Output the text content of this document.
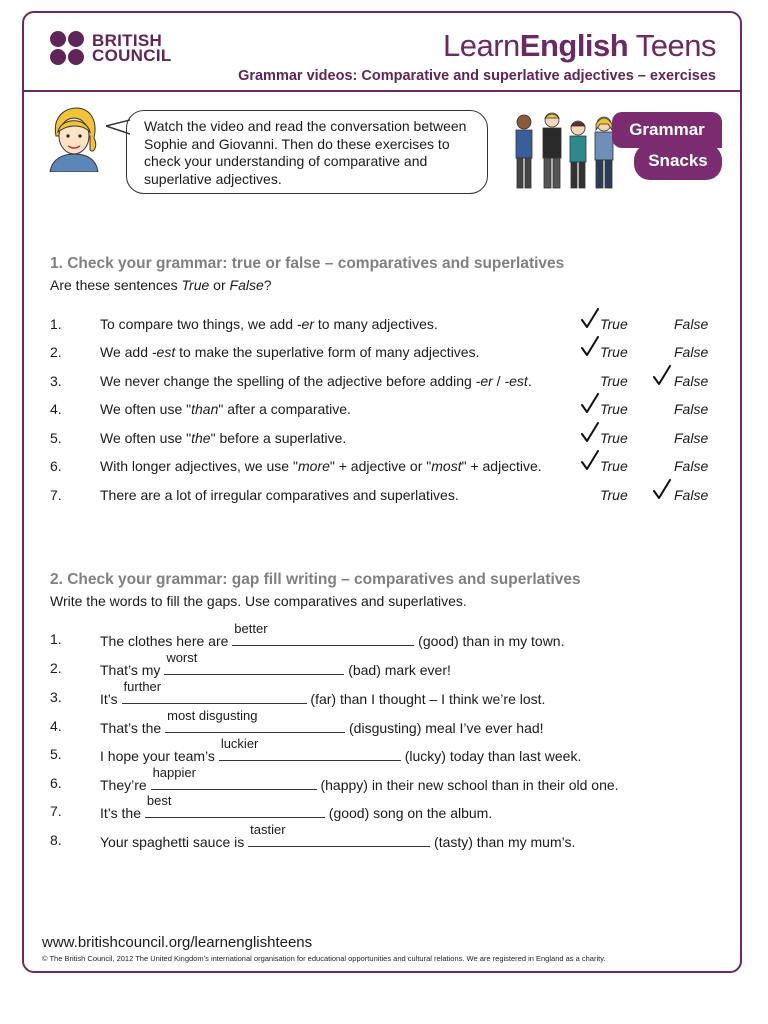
BRITISH
COUNCIL	LearnEnglish Teens
Grammar videos: Comparative and superlative adjectives – exercises
Watch the video and read the conversation between Sophie and Giovanni. Then do these exercises to check your understanding of comparative and superlative adjectives.
Grammar
Snacks
1. Check your grammar: true or false – comparatives and superlatives
Are these sentences True or False?
1.	To compare two things, we add -er to many adjectives.	True	False
2.	We add -est to make the superlative form of many adjectives.	True	False
3.	We never change the spelling of the adjective before adding -er / -est.	True	False
4.	We often use "than" after a comparative.	True	False
5.	We often use "the" before a superlative.	True	False
6.	With longer adjectives, we use "more" + adjective or "most" + adjective.	True	False
7.	There are a lot of irregular comparatives and superlatives.	True	False
2. Check your grammar: gap fill writing – comparatives and superlatives
Write the words to fill the gaps. Use comparatives and superlatives.
1.	The clothes here are
better
(good) than in my town.
2.	That’s my
worst
(bad) mark ever!
3.	It’s
further
(far) than I thought – I think we’re lost.
4.	That’s the
most disgusting
(disgusting) meal I’ve ever had!
5.	I hope your team’s
luckier
(lucky) today than last week.
6.	They’re
happier
(happy) in their new school than in their old one.
7.	It’s the
best
(good) song on the album.
8.	Your spaghetti sauce is
tastier
(tasty) than my mum’s.
www.britishcouncil.org/learnenglishteens
© The British Council, 2012 The United Kingdom’s international organisation for educational opportunities and cultural relations. We are registered in England as a charity.
